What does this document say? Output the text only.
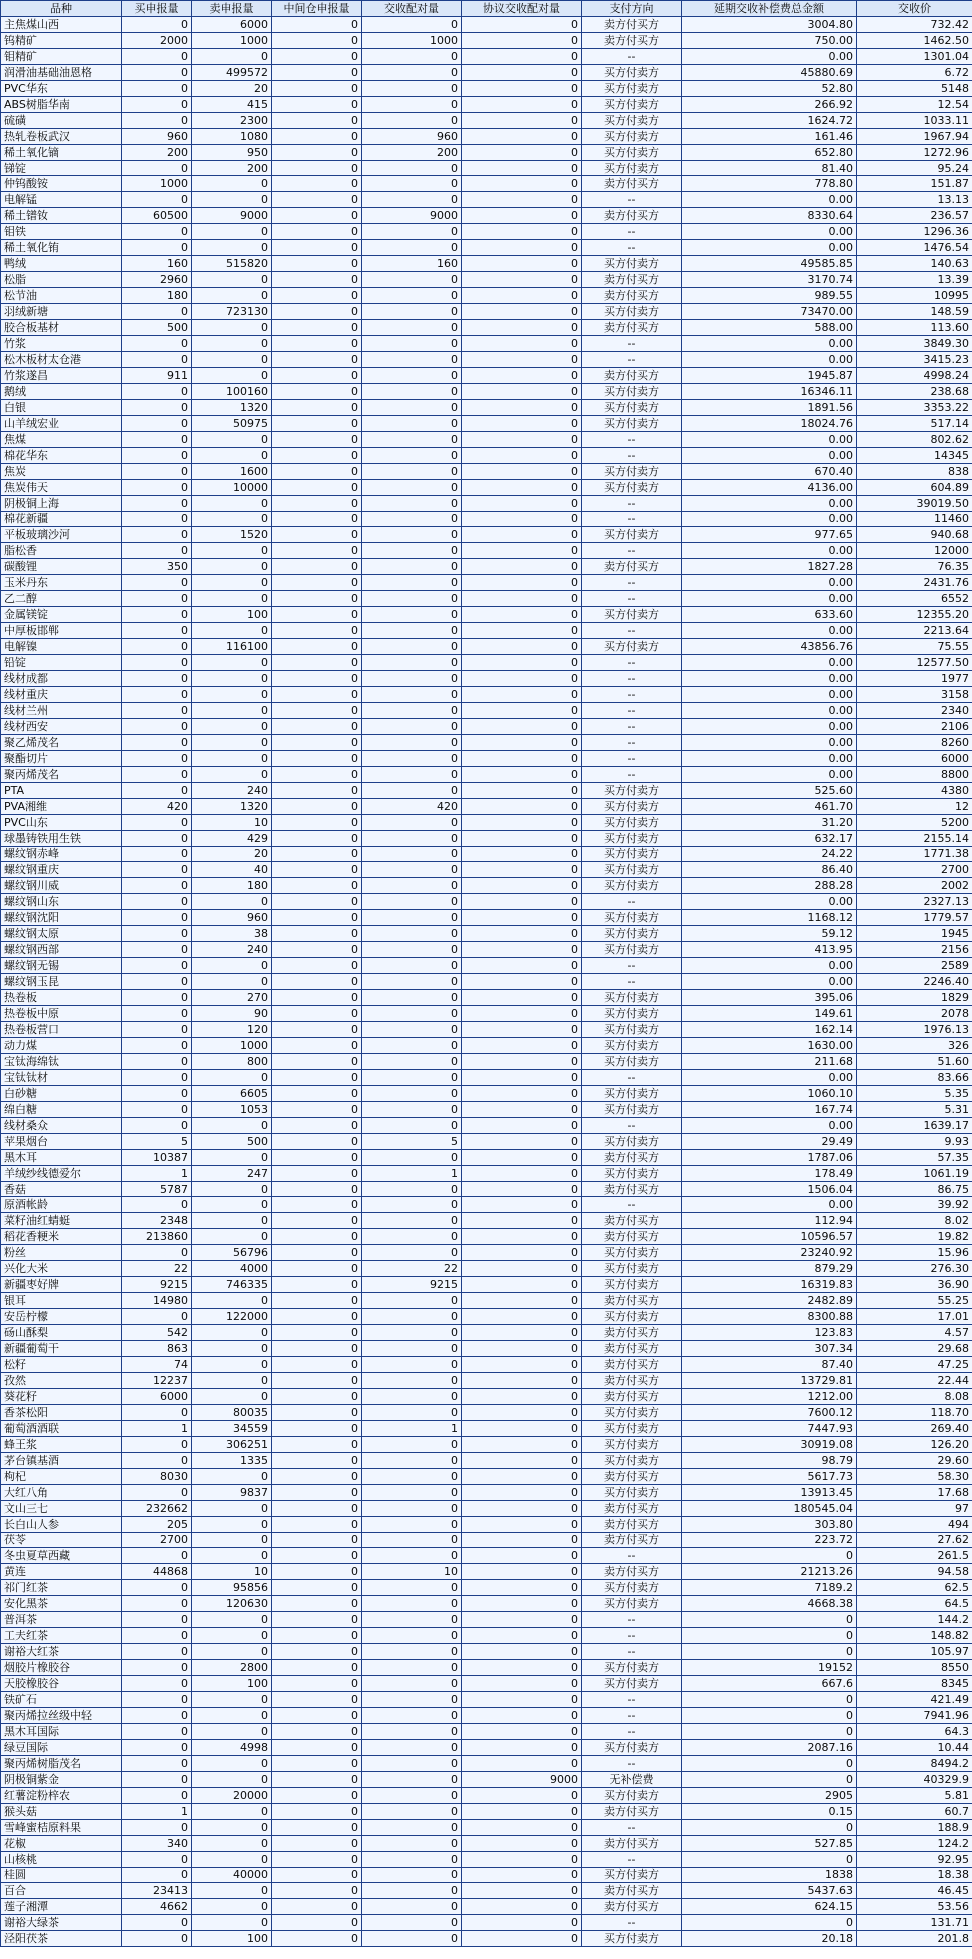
品种	买申报量	卖申报量	中间仓申报量	交收配对量	协议交收配对量	支付方向	延期交收补偿费总金额	交收价
主焦煤山西	0	6000	0	0	0	卖方付买方	3004.80	732.42
钨精矿	2000	1000	0	1000	0	卖方付买方	750.00	1462.50
钼精矿	0	0	0	0	0	--	0.00	1301.04
润滑油基础油恩格	0	499572	0	0	0	买方付卖方	45880.69	6.72
PVC华东	0	20	0	0	0	买方付卖方	52.80	5148
ABS树脂华南	0	415	0	0	0	买方付卖方	266.92	12.54
硫磺	0	2300	0	0	0	买方付卖方	1624.72	1033.11
热轧卷板武汉	960	1080	0	960	0	买方付卖方	161.46	1967.94
稀土氧化镝	200	950	0	200	0	买方付卖方	652.80	1272.96
锑锭	0	200	0	0	0	买方付卖方	81.40	95.24
仲钨酸铵	1000	0	0	0	0	卖方付买方	778.80	151.87
电解锰	0	0	0	0	0	--	0.00	13.13
稀土镨钕	60500	9000	0	9000	0	卖方付买方	8330.64	236.57
钼铁	0	0	0	0	0	--	0.00	1296.36
稀土氧化铕	0	0	0	0	0	--	0.00	1476.54
鸭绒	160	515820	0	160	0	买方付卖方	49585.85	140.63
松脂	2960	0	0	0	0	卖方付买方	3170.74	13.39
松节油	180	0	0	0	0	卖方付买方	989.55	10995
羽绒新塘	0	723130	0	0	0	买方付卖方	73470.00	148.59
胶合板基材	500	0	0	0	0	卖方付买方	588.00	113.60
竹浆	0	0	0	0	0	--	0.00	3849.30
松木板材太仓港	0	0	0	0	0	--	0.00	3415.23
竹浆遂昌	911	0	0	0	0	卖方付买方	1945.87	4998.24
鹅绒	0	100160	0	0	0	买方付卖方	16346.11	238.68
白银	0	1320	0	0	0	买方付卖方	1891.56	3353.22
山羊绒宏业	0	50975	0	0	0	买方付卖方	18024.76	517.14
焦煤	0	0	0	0	0	--	0.00	802.62
棉花华东	0	0	0	0	0	--	0.00	14345
焦炭	0	1600	0	0	0	买方付卖方	670.40	838
焦炭伟天	0	10000	0	0	0	买方付卖方	4136.00	604.89
阴极铜上海	0	0	0	0	0	--	0.00	39019.50
棉花新疆	0	0	0	0	0	--	0.00	11460
平板玻璃沙河	0	1520	0	0	0	买方付卖方	977.65	940.68
脂松香	0	0	0	0	0	--	0.00	12000
碳酸锂	350	0	0	0	0	卖方付买方	1827.28	76.35
玉米丹东	0	0	0	0	0	--	0.00	2431.76
乙二醇	0	0	0	0	0	--	0.00	6552
金属镁锭	0	100	0	0	0	买方付卖方	633.60	12355.20
中厚板邯郸	0	0	0	0	0	--	0.00	2213.64
电解镍	0	116100	0	0	0	买方付卖方	43856.76	75.55
铅锭	0	0	0	0	0	--	0.00	12577.50
线材成都	0	0	0	0	0	--	0.00	1977
线材重庆	0	0	0	0	0	--	0.00	3158
线材兰州	0	0	0	0	0	--	0.00	2340
线材西安	0	0	0	0	0	--	0.00	2106
聚乙烯茂名	0	0	0	0	0	--	0.00	8260
聚酯切片	0	0	0	0	0	--	0.00	6000
聚丙烯茂名	0	0	0	0	0	--	0.00	8800
PTA	0	240	0	0	0	买方付卖方	525.60	4380
PVA湘维	420	1320	0	420	0	买方付卖方	461.70	12
PVC山东	0	10	0	0	0	买方付卖方	31.20	5200
球墨铸铁用生铁	0	429	0	0	0	买方付卖方	632.17	2155.14
螺纹钢赤峰	0	20	0	0	0	买方付卖方	24.22	1771.38
螺纹钢重庆	0	40	0	0	0	买方付卖方	86.40	2700
螺纹钢川威	0	180	0	0	0	买方付卖方	288.28	2002
螺纹钢山东	0	0	0	0	0	--	0.00	2327.13
螺纹钢沈阳	0	960	0	0	0	买方付卖方	1168.12	1779.57
螺纹钢太原	0	38	0	0	0	买方付卖方	59.12	1945
螺纹钢西部	0	240	0	0	0	买方付卖方	413.95	2156
螺纹钢无锡	0	0	0	0	0	--	0.00	2589
螺纹钢玉昆	0	0	0	0	0	--	0.00	2246.40
热卷板	0	270	0	0	0	买方付卖方	395.06	1829
热卷板中原	0	90	0	0	0	买方付卖方	149.61	2078
热卷板营口	0	120	0	0	0	买方付卖方	162.14	1976.13
动力煤	0	1000	0	0	0	买方付卖方	1630.00	326
宝钛海绵钛	0	800	0	0	0	买方付卖方	211.68	51.60
宝钛钛材	0	0	0	0	0	--	0.00	83.66
白砂糖	0	6605	0	0	0	买方付卖方	1060.10	5.35
绵白糖	0	1053	0	0	0	买方付卖方	167.74	5.31
线材桑众	0	0	0	0	0	--	0.00	1639.17
苹果烟台	5	500	0	5	0	买方付卖方	29.49	9.93
黑木耳	10387	0	0	0	0	卖方付买方	1787.06	57.35
羊绒纱线德爱尔	1	247	0	1	0	买方付卖方	178.49	1061.19
香菇	5787	0	0	0	0	卖方付买方	1506.04	86.75
原酒帐龄	0	0	0	0	0	--	0.00	39.92
菜籽油红蜻蜓	2348	0	0	0	0	卖方付买方	112.94	8.02
稻花香粳米	213860	0	0	0	0	卖方付买方	10596.57	19.82
粉丝	0	56796	0	0	0	买方付卖方	23240.92	15.96
兴化大米	22	4000	0	22	0	买方付卖方	879.29	276.30
新疆枣好牌	9215	746335	0	9215	0	买方付卖方	16319.83	36.90
银耳	14980	0	0	0	0	卖方付买方	2482.89	55.25
安岳柠檬	0	122000	0	0	0	买方付卖方	8300.88	17.01
砀山酥梨	542	0	0	0	0	卖方付买方	123.83	4.57
新疆葡萄干	863	0	0	0	0	卖方付买方	307.34	29.68
松籽	74	0	0	0	0	卖方付买方	87.40	47.25
孜然	12237	0	0	0	0	卖方付买方	13729.81	22.44
葵花籽	6000	0	0	0	0	卖方付买方	1212.00	8.08
香茶松阳	0	80035	0	0	0	买方付卖方	7600.12	118.70
葡萄酒酒联	1	34559	0	1	0	买方付卖方	7447.93	269.40
蜂王浆	0	306251	0	0	0	买方付卖方	30919.08	126.20
茅台镇基酒	0	1335	0	0	0	买方付卖方	98.79	29.60
枸杞	8030	0	0	0	0	卖方付买方	5617.73	58.30
大红八角	0	9837	0	0	0	买方付卖方	13913.45	17.68
文山三七	232662	0	0	0	0	卖方付买方	180545.04	97
长白山人参	205	0	0	0	0	卖方付买方	303.80	494
茯苓	2700	0	0	0	0	卖方付买方	223.72	27.62
冬虫夏草西藏	0	0	0	0	0	--	0	261.5
黄连	44868	10	0	10	0	卖方付买方	21213.26	94.58
祁门红茶	0	95856	0	0	0	买方付卖方	7189.2	62.5
安化黑茶	0	120630	0	0	0	买方付卖方	4668.38	64.5
普洱茶	0	0	0	0	0	--	0	144.2
工夫红茶	0	0	0	0	0	--	0	148.82
谢裕大红茶	0	0	0	0	0	--	0	105.97
烟胶片橡胶谷	0	2800	0	0	0	买方付卖方	19152	8550
天胶橡胶谷	0	100	0	0	0	买方付卖方	667.6	8345
铁矿石	0	0	0	0	0	--	0	421.49
聚丙烯拉丝级中轻	0	0	0	0	0	--	0	7941.96
黑木耳国际	0	0	0	0	0	--	0	64.3
绿豆国际	0	4998	0	0	0	买方付卖方	2087.16	10.44
聚丙烯树脂茂名	0	0	0	0	0	--	0	8494.2
阴极铜紫金	0	0	0	0	9000	无补偿费	0	40329.9
红薯淀粉梓农	0	20000	0	0	0	买方付卖方	2905	5.81
猴头菇	1	0	0	0	0	卖方付买方	0.15	60.7
雪峰蜜桔原料果	0	0	0	0	0	--	0	188.9
花椒	340	0	0	0	0	卖方付买方	527.85	124.2
山核桃	0	0	0	0	0	--	0	92.95
桂圆	0	40000	0	0	0	买方付卖方	1838	18.38
百合	23413	0	0	0	0	卖方付买方	5437.63	46.45
莲子湘潭	4662	0	0	0	0	卖方付买方	624.15	53.56
谢裕大绿茶	0	0	0	0	0	--	0	131.71
泾阳茯茶	0	100	0	0	0	买方付卖方	20.18	201.8
